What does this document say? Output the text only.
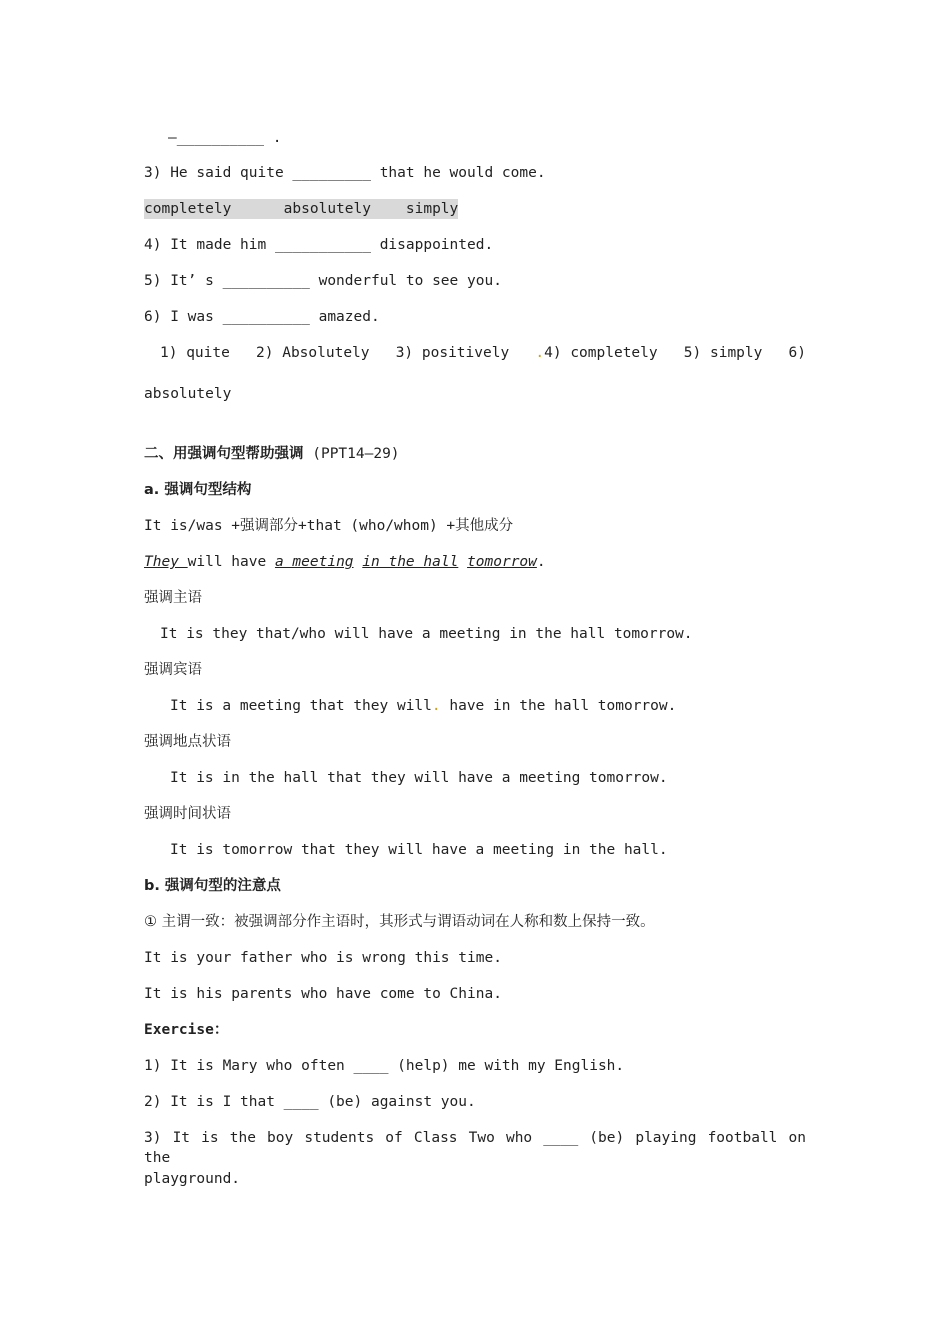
—__________ .
3) He said quite _________ that he would come.
completely      absolutely    simply
4) It made him ___________ disappointed.
5) It’ s __________ wonderful to see you.
6) I was __________ amazed.
1) quite   2) Absolutely   3) positively   .4) completely   5) simply   6)
absolutely
二、用强调句型帮助强调 (PPT14—29)
a. 强调句型结构
It is/was +强调部分+that (who/whom) +其他成分
They will have a meeting in the hall tomorrow.
强调主语
It is they that/who will have a meeting in the hall tomorrow.
强调宾语
It is a meeting that they will. have in the hall tomorrow.
强调地点状语
It is in the hall that they will have a meeting tomorrow.
强调时间状语
It is tomorrow that they will have a meeting in the hall.
b. 强调句型的注意点
① 主谓一致：被强调部分作主语时，其形式与谓语动词在人称和数上保持一致。
It is your father who is wrong this time.
It is his parents who have come to China.
Exercise：
1) It is Mary who often ____ (help) me with my English.
2) It is I that ____ (be) against you.
3) It is the boy students of Class Two who ____ (be) playing football on the
playground.
